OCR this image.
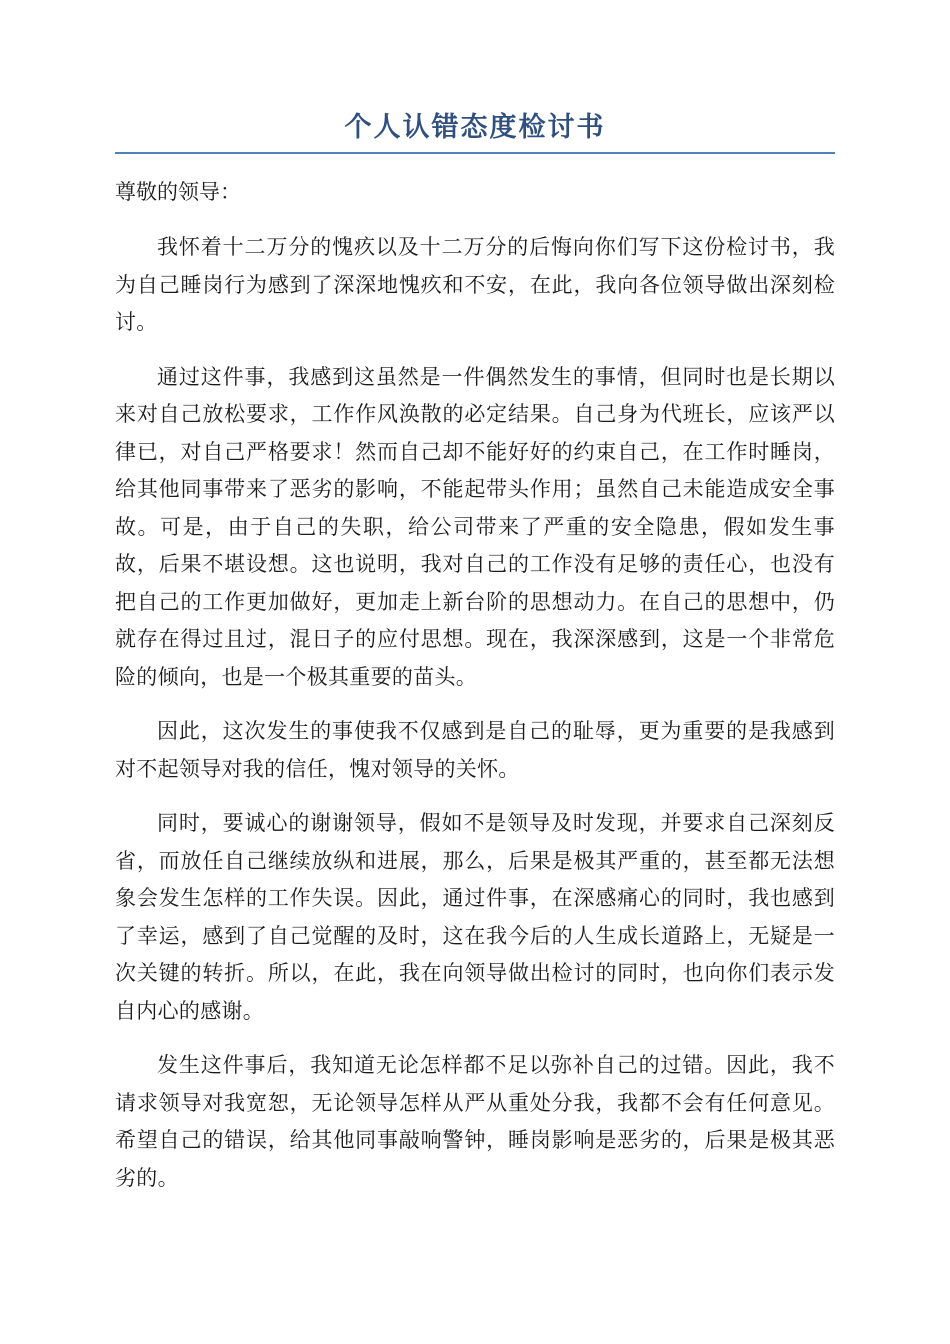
个人认错态度检讨书

尊敬的领导：

我怀着十二万分的愧疚以及十二万分的后悔向你们写下这份检讨书，我为自己睡岗行为感到了深深地愧疚和不安，在此，我向各位领导做出深刻检讨。

通过这件事，我感到这虽然是一件偶然发生的事情，但同时也是长期以来对自己放松要求，工作作风涣散的必定结果。自己身为代班长，应该严以律已，对自己严格要求！然而自己却不能好好的约束自己，在工作时睡岗，给其他同事带来了恶劣的影响，不能起带头作用；虽然自己未能造成安全事故。可是，由于自己的失职，给公司带来了严重的安全隐患，假如发生事故，后果不堪设想。这也说明，我对自己的工作没有足够的责任心，也没有把自己的工作更加做好，更加走上新台阶的思想动力。在自己的思想中，仍就存在得过且过，混日子的应付思想。现在，我深深感到，这是一个非常危险的倾向，也是一个极其重要的苗头。

因此，这次发生的事使我不仅感到是自己的耻辱，更为重要的是我感到对不起领导对我的信任，愧对领导的关怀。

同时，要诚心的谢谢领导，假如不是领导及时发现，并要求自己深刻反省，而放任自己继续放纵和进展，那么，后果是极其严重的，甚至都无法想象会发生怎样的工作失误。因此，通过件事，在深感痛心的同时，我也感到了幸运，感到了自己觉醒的及时，这在我今后的人生成长道路上，无疑是一次关键的转折。所以，在此，我在向领导做出检讨的同时，也向你们表示发自内心的感谢。

发生这件事后，我知道无论怎样都不足以弥补自己的过错。因此，我不请求领导对我宽恕，无论领导怎样从严从重处分我，我都不会有任何意见。希望自己的错误，给其他同事敲响警钟，睡岗影响是恶劣的，后果是极其恶劣的。
